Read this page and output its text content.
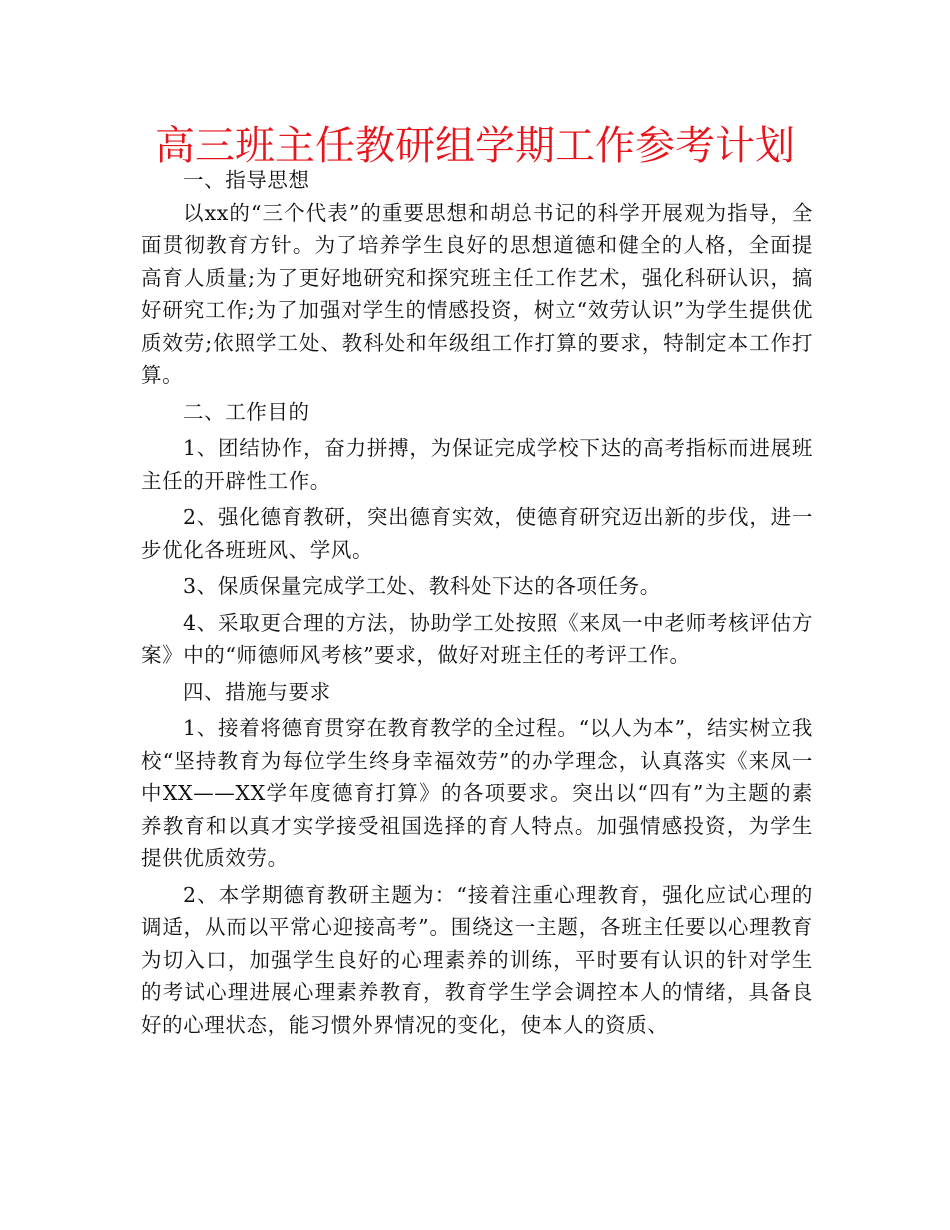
高三班主任教研组学期工作参考计划

一、指导思想

以xx的“三个代表”的重要思想和胡总书记的科学开展观为指导，全面贯彻教育方针。为了培养学生良好的思想道德和健全的人格，全面提高育人质量;为了更好地研究和探究班主任工作艺术，强化科研认识，搞好研究工作;为了加强对学生的情感投资，树立“效劳认识”为学生提供优质效劳;依照学工处、教科处和年级组工作打算的要求，特制定本工作打算。

二、工作目的

1、团结协作，奋力拼搏，为保证完成学校下达的高考指标而进展班主任的开辟性工作。

2、强化德育教研，突出德育实效，使德育研究迈出新的步伐，进一步优化各班班风、学风。

3、保质保量完成学工处、教科处下达的各项任务。

4、采取更合理的方法，协助学工处按照《来凤一中老师考核评估方案》中的“师德师风考核”要求，做好对班主任的考评工作。

四、措施与要求

1、接着将德育贯穿在教育教学的全过程。“以人为本”，结实树立我校“坚持教育为每位学生终身幸福效劳”的办学理念，认真落实《来凤一中XX——XX学年度德育打算》的各项要求。突出以“四有”为主题的素养教育和以真才实学接受祖国选择的育人特点。加强情感投资，为学生提供优质效劳。

2、本学期德育教研主题为：“接着注重心理教育，强化应试心理的调适，从而以平常心迎接高考”。围绕这一主题，各班主任要以心理教育为切入口，加强学生良好的心理素养的训练，平时要有认识的针对学生的考试心理进展心理素养教育，教育学生学会调控本人的情绪，具备良好的心理状态，能习惯外界情况的变化，使本人的资质、
